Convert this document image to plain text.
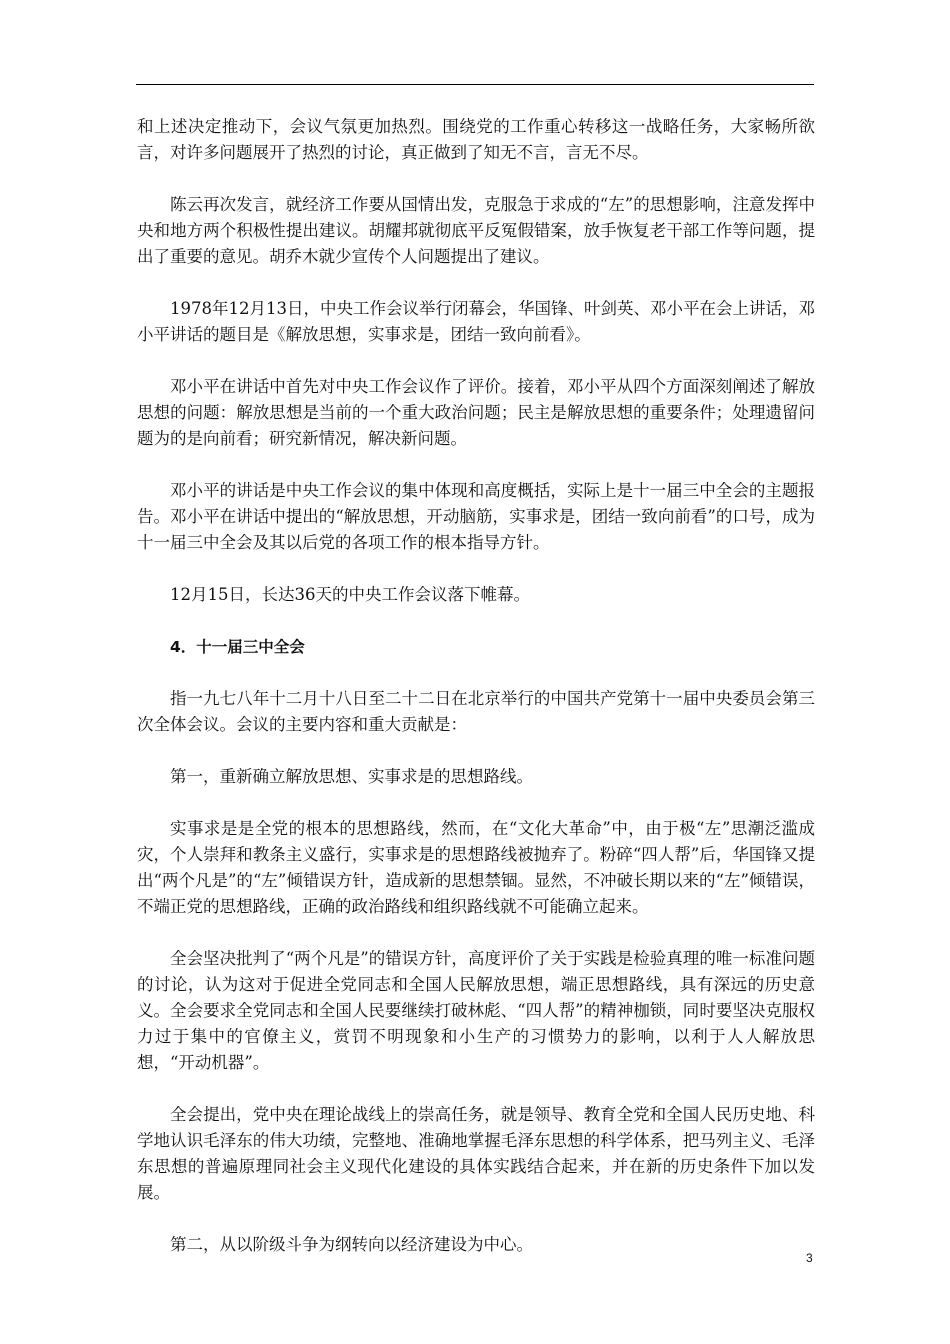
和上述决定推动下，会议气氛更加热烈。围绕党的工作重心转移这一战略任务，大家畅所欲言，对许多问题展开了热烈的讨论，真正做到了知无不言，言无不尽。

陈云再次发言，就经济工作要从国情出发，克服急于求成的“左”的思想影响，注意发挥中央和地方两个积极性提出建议。胡耀邦就彻底平反冤假错案，放手恢复老干部工作等问题，提出了重要的意见。胡乔木就少宣传个人问题提出了建议。

1978年12月13日，中央工作会议举行闭幕会，华国锋、叶剑英、邓小平在会上讲话，邓小平讲话的题目是《解放思想，实事求是，团结一致向前看》。

邓小平在讲话中首先对中央工作会议作了评价。接着，邓小平从四个方面深刻阐述了解放思想的问题：解放思想是当前的一个重大政治问题；民主是解放思想的重要条件；处理遗留问题为的是向前看；研究新情况，解决新问题。

邓小平的讲话是中央工作会议的集中体现和高度概括，实际上是十一届三中全会的主题报告。邓小平在讲话中提出的“解放思想，开动脑筋，实事求是，团结一致向前看”的口号，成为十一届三中全会及其以后党的各项工作的根本指导方针。

12月15日，长达36天的中央工作会议落下帷幕。

4．十一届三中全会

指一九七八年十二月十八日至二十二日在北京举行的中国共产党第十一届中央委员会第三次全体会议。会议的主要内容和重大贡献是：

第一，重新确立解放思想、实事求是的思想路线。

实事求是是全党的根本的思想路线，然而，在“文化大革命”中，由于极“左”思潮泛滥成灾，个人崇拜和教条主义盛行，实事求是的思想路线被抛弃了。粉碎“四人帮”后，华国锋又提出“两个凡是”的“左”倾错误方针，造成新的思想禁锢。显然，不冲破长期以来的“左”倾错误，不端正党的思想路线，正确的政治路线和组织路线就不可能确立起来。

全会坚决批判了“两个凡是”的错误方针，高度评价了关于实践是检验真理的唯一标准问题的讨论，认为这对于促进全党同志和全国人民解放思想，端正思想路线，具有深远的历史意义。全会要求全党同志和全国人民要继续打破林彪、“四人帮”的精神枷锁，同时要坚决克服权力过于集中的官僚主义，赏罚不明现象和小生产的习惯势力的影响，以利于人人解放思想，“开动机器”。

全会提出，党中央在理论战线上的崇高任务，就是领导、教育全党和全国人民历史地、科学地认识毛泽东的伟大功绩，完整地、准确地掌握毛泽东思想的科学体系，把马列主义、毛泽东思想的普遍原理同社会主义现代化建设的具体实践结合起来，并在新的历史条件下加以发展。

第二，从以阶级斗争为纲转向以经济建设为中心。

3
